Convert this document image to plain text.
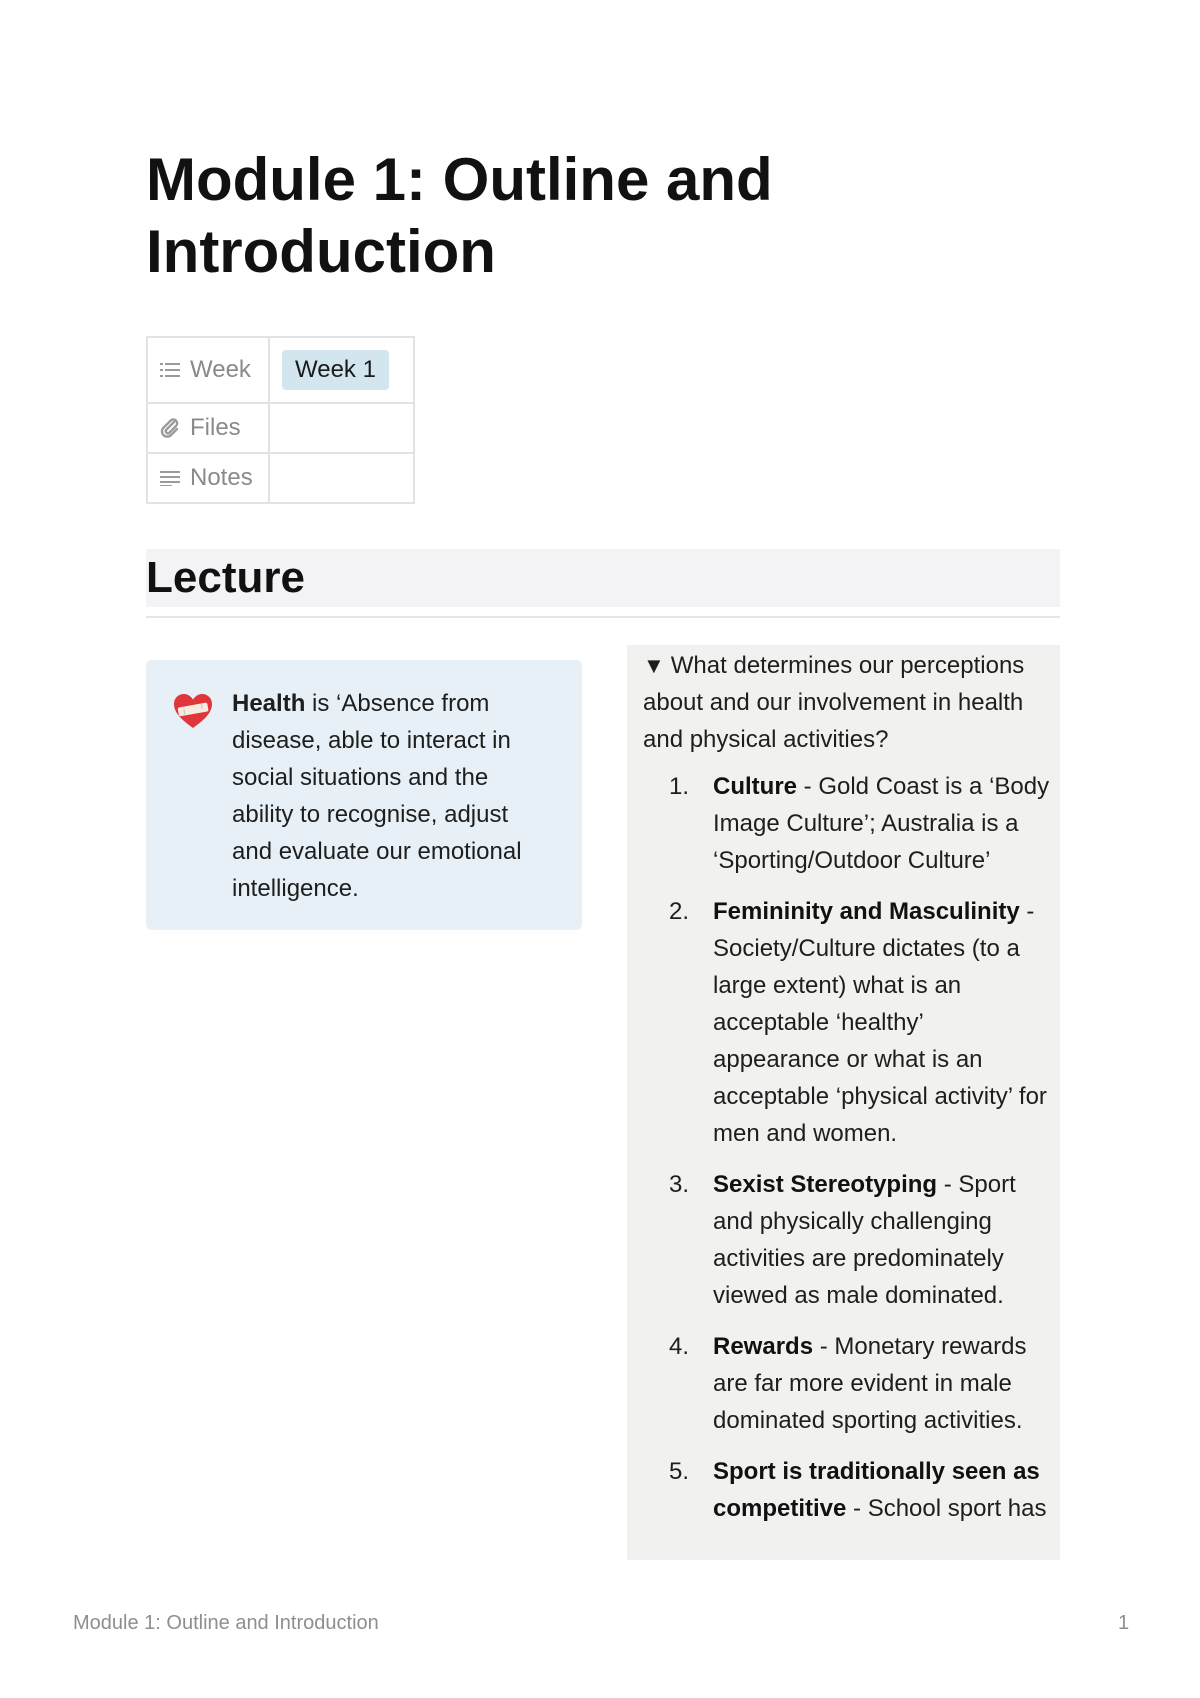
Module 1: Outline and Introduction
Week	Week 1

Files	

Notes	

Lecture

Health is ‘Absence from disease, able to interact in social situations and the ability to recognise, adjust and evaluate our emotional intelligence.

▼ What determines our perceptions about and our involvement in health and physical activities?

1. Culture - Gold Coast is a ‘Body Image Culture’; Australia is a ‘Sporting/Outdoor Culture’
2. Femininity and Masculinity - Society/Culture dictates (to a large extent) what is an acceptable ‘healthy’ appearance or what is an acceptable ‘physical activity’ for men and women.
3. Sexist Stereotyping - Sport and physically challenging activities are predominately viewed as male dominated.
4. Rewards - Monetary rewards are far more evident in male dominated sporting activities.
5. Sport is traditionally seen as competitive - School sport has
Module 1: Outline and Introduction	1
